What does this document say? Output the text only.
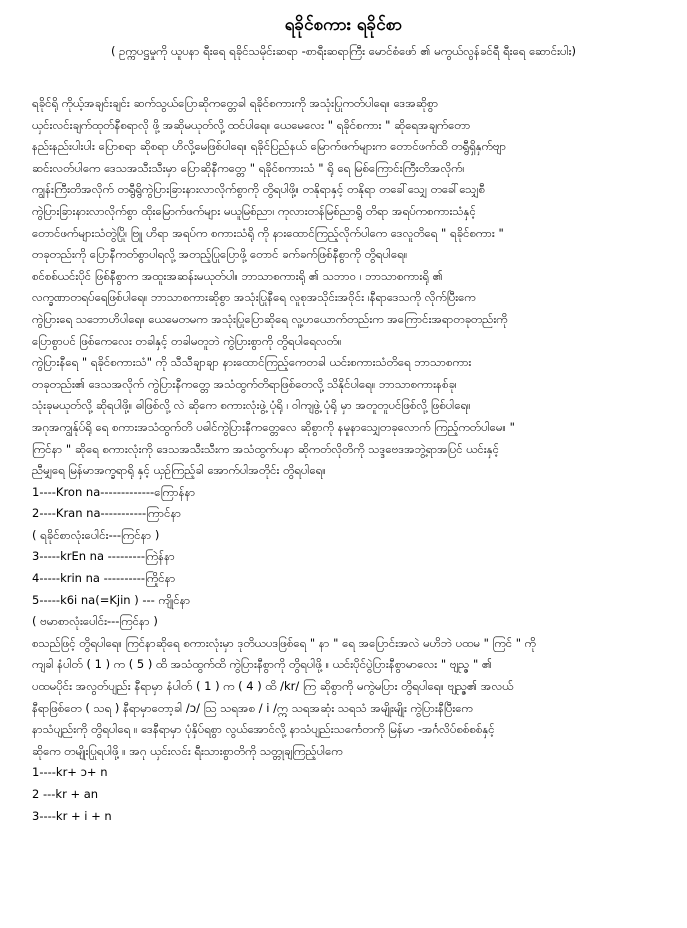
ရခိုင်စကား ရခိုင်စာ
( ဥက္ကပဋ္ဌမှုကို ယူပနာ ရီးရေ ရခိုင်သမိုင်းဆရာ -စာရီးဆရာကြီး မောင်စံဖော် ၏ မကွယ်လွန်ခင်ရီ ရီးရေ ဆောင်းပါး)
ရခိုင်ရို ကိုယ့်အချင်းချင်း ဆက်သွယ်ပြောဆိုကတ္တေခါ ရခိုင်စကားကို အသုံးပြုကတ်ပါရေ။ ဒေအဆိုစွာ
ယှင်းလင်းချက်ထုတ်နီစရာလို ဖို့ အဆိုမယုတ်လို့ ထင်ပါရေ။ ယေမေလေး " ရခိုင်စကား " ဆိုရေအချက်တော
နည်းနည်းပါးပါး ပြောစရာ ဆိုစရာ ဟိလို့မေဖြစ်ပါရေ။ ရခိုင်ပြည်နယ် မြောက်ဖက်များက တောင်ဖက်ထိ တရွီရှိနှက်ဗျာ
ဆင်းလတ်ပါကေ ဒေသအသီးသီးမှာ ပြောဆိုနီကတ္တေ " ရခိုင်စကားသံ " ရို ရေ မြစ်ကြောင်းကြီးတိအလိုက်၊
ကျွန်းကြီးတိအလိုက် တရွီရွိကွဲပြားခြားနားလာလိုက်စွာကို တွိရပါဖို့။ တနိုရာနှင့် တနိုရာ တခေါ်သျှေ တခေါ်သျှေစီ
ကွဲပြားခြားနားလာလိုက်စွာ ထိုးမြောက်ဖက်များ မယူမြစ်ညာ၊ ကုလားတန်မြစ်ညာရွိ တိရာ အရပ်ကစကားသံနှင့်
တောင်ဖက်များသံတွဲပြို၊ ဗြူ ဟိရာ အရပ်က စကားသံရို ကို နားထောင်ကြည့်လိုက်ပါကေ ဒေလူတိရေ " ရခိုင်စကား "
တခုတည်းကို ပြောနီကတ်စွာပါရလို့ အတည့်ပြုပြောဖို့ တောင် ခက်ခက်ဖြစ်နီစွာကို တွိရပါရေ။
စင်စစ်ယင်းပိုင် ဖြစ်နီစွာက အထူးအဆန်းမယုတ်ပါ။ ဘာသာစကားရို ၏ သဘာဝ ၊ ဘာသာစကားရို ၏
လက္ခဏာတရပ်ရေဖြစ်ပါရေ။ ဘာသာစကားဆိုစွာ အသုံးပြုနီရေ လူစုအသိုင်းအဝိုင်း ၊နီရာဒေသကို လိုက်ပြီးကေ
ကွဲပြားရေ သဘောဟိပါရေ။ ယေမေတမက အသုံးပြုပြောဆိုရေ လူ့ဟယောက်တည်းက အကြောင်းအရာတခုတည်းကို
ပြောစွာပင် ဖြစ်ကေလေး တခါနှင့် တခါမတူဘဲ ကွဲပြားစွာကို တွိရပါရေလတ်။
ကွဲပြားနီရေ " ရခိုင်စကားသံ" ကို သီသီချာချာ နားထောင်ကြည့်ကေတခါ ယင်းစကားသံတိရေ ဘာသာစကား
တခုတည်း၏ ဒေသအလိုက် ကွဲပြားနီကတ္တေ အသံထွက်တိရာဖြစ်တေလို့ သိနိုင်ပါရေ။ ဘာသာစကားနစ်ခု၊
သုံးခုမယုတ်လို့ ဆိုရပါဖို့။ ဓါဖြစ်လို့ လဲ ဆိုကေ စကားလုံးဖွဲ့ ပုံရို ၊ ဝါကျဖွဲ့ ပုံရို မှာ အတူတူပင်ဖြစ်လို့ ဖြစ်ပါရေ။
အဂုအကျွန်ုပ်ရို ရေ စကားအသံထွက်တိ ပဓါင်ကွဲပြားနီကတ္တေလေ ဆိုစွာကို နမူနာသျှေတခုလောက် ကြည့်ကတ်ပါမေ။ "
ကြင်နာ " ဆိုရေ စကားလုံးကို ဒေသအသီးသီးက အသံထွက်ပနာ ဆိုကတ်လိုတိကို သဒ္ဒဗေဒအဘွဲ့ရာအပြင် ယင်းနှင့်
ညီမျှရေ မြန်မာအက္ခရာရို နှင့် ယှဉ်ကြည့်ခါ အောက်ပါအတိုင်း တွိရပါရေ။
1----Kron na-------------ကြောန်နာ
2----Kran na-----------ကြာင်နာ
( ရခိုင်စာလုံးပေါင်း---ကြင်နာ )
3-----krEn na ---------ကြဲန်နာ
4-----krin na ----------ကြိုင်နာ
5-----k6i na(=Kjin ) --- ကျိုင်နာ
( ဗမာစာလုံးပေါင်း---ကြင်နာ )
စသည်ဖြင့် တွိရပါရေ။ ကြင်နာဆိုရေ စကားလုံးမှာ ဒုတိယပဒဖြစ်ရေ " နာ " ရေ အပြောင်းအလဲ မဟိဘဲ ပထမ " ကြင် " ကို
ကျခါ နံပါတ် ( 1 ) က ( 5 ) ထိ အသံထွက်ထိ ကွဲပြားနီစွာကို တွိရပါဖို့ ။ ယင်းပိုင်ပွဲပြားနီစွာမာလေး " ဗျည္ဇ " ၏
ပထမပိုင်း အလွတ်ပျည်း နီရာမှာ နံပါတ် ( 1 ) က ( 4 ) ထိ /kr/ ကြ ဆိုစွာကို မကွဲမပြား တွိရပါရေ။ ဗျည္ဇ၏ အလယ်
နီရာဖြစ်တေ ( သရ ) နီရာမှာတော့ခါ /ɔ/ ဩ သရအစ / i /ဣ သရအဆုံး သရသံ အမျိုးမျိုး ကွဲပြားနီပြီးကေ
နာသံပျည်းကို တွိရပါရေ ။ ဒေနီရာမှာ ပုံနှိပ်ရစွာ လွယ်အောင်လို့ နာသံပျည်းသင်္ကေတကို မြန်မာ -အင်္ဂလိပ်စစ်စစ်နှင့်
ဆိုကေ တမျိုးပြုရပါဖို့ ။ အဂု ယှင်းလင်း ရီးသားစွာတိကို သတ္တုချကြည့်ပါကေ
1----kr+ ɔ+ n
2 ---kr + an
3----kr + i + n
